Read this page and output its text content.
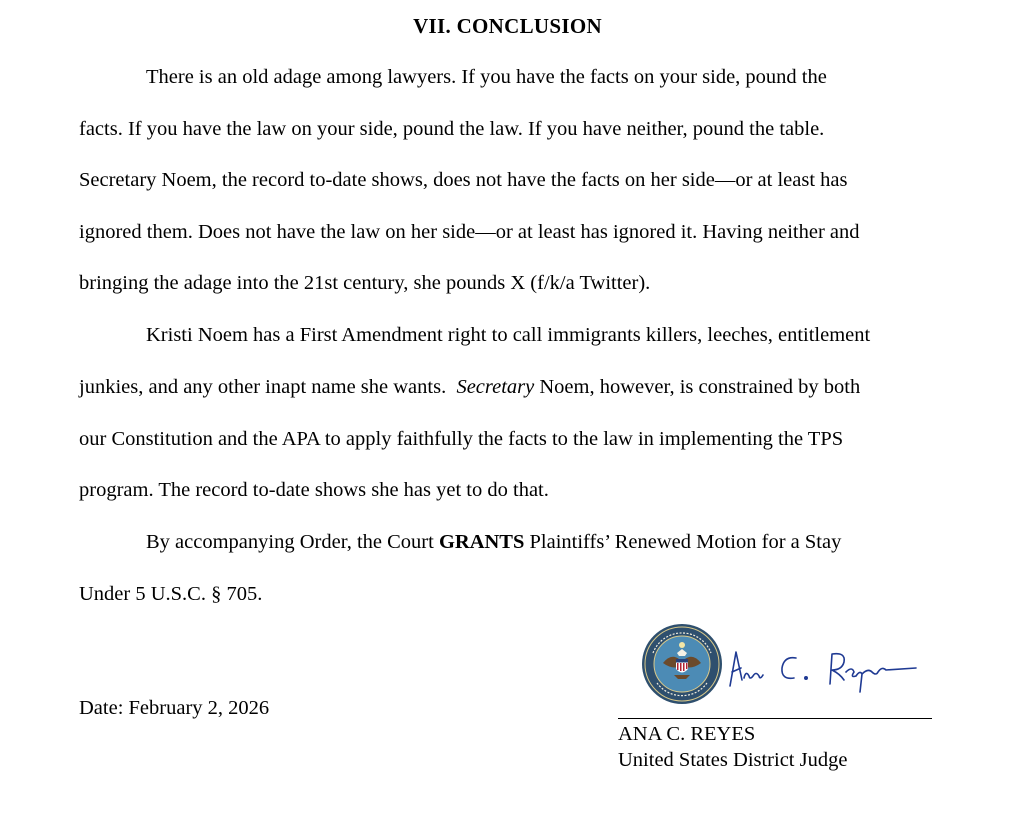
VII. CONCLUSION
There is an old adage among lawyers. If you have the facts on your side, pound the
facts. If you have the law on your side, pound the law. If you have neither, pound the table.
Secretary Noem, the record to-date shows, does not have the facts on her side—or at least has
ignored them. Does not have the law on her side—or at least has ignored it. Having neither and
bringing the adage into the 21st century, she pounds X (f/k/a Twitter).
Kristi Noem has a First Amendment right to call immigrants killers, leeches, entitlement
junkies, and any other inapt name she wants.  Secretary Noem, however, is constrained by both
our Constitution and the APA to apply faithfully the facts to the law in implementing the TPS
program. The record to-date shows she has yet to do that.
By accompanying Order, the Court GRANTS Plaintiffs’ Renewed Motion for a Stay
Under 5 U.S.C. § 705.
Date: February 2, 2026
ANA C. REYES
United States District Judge
